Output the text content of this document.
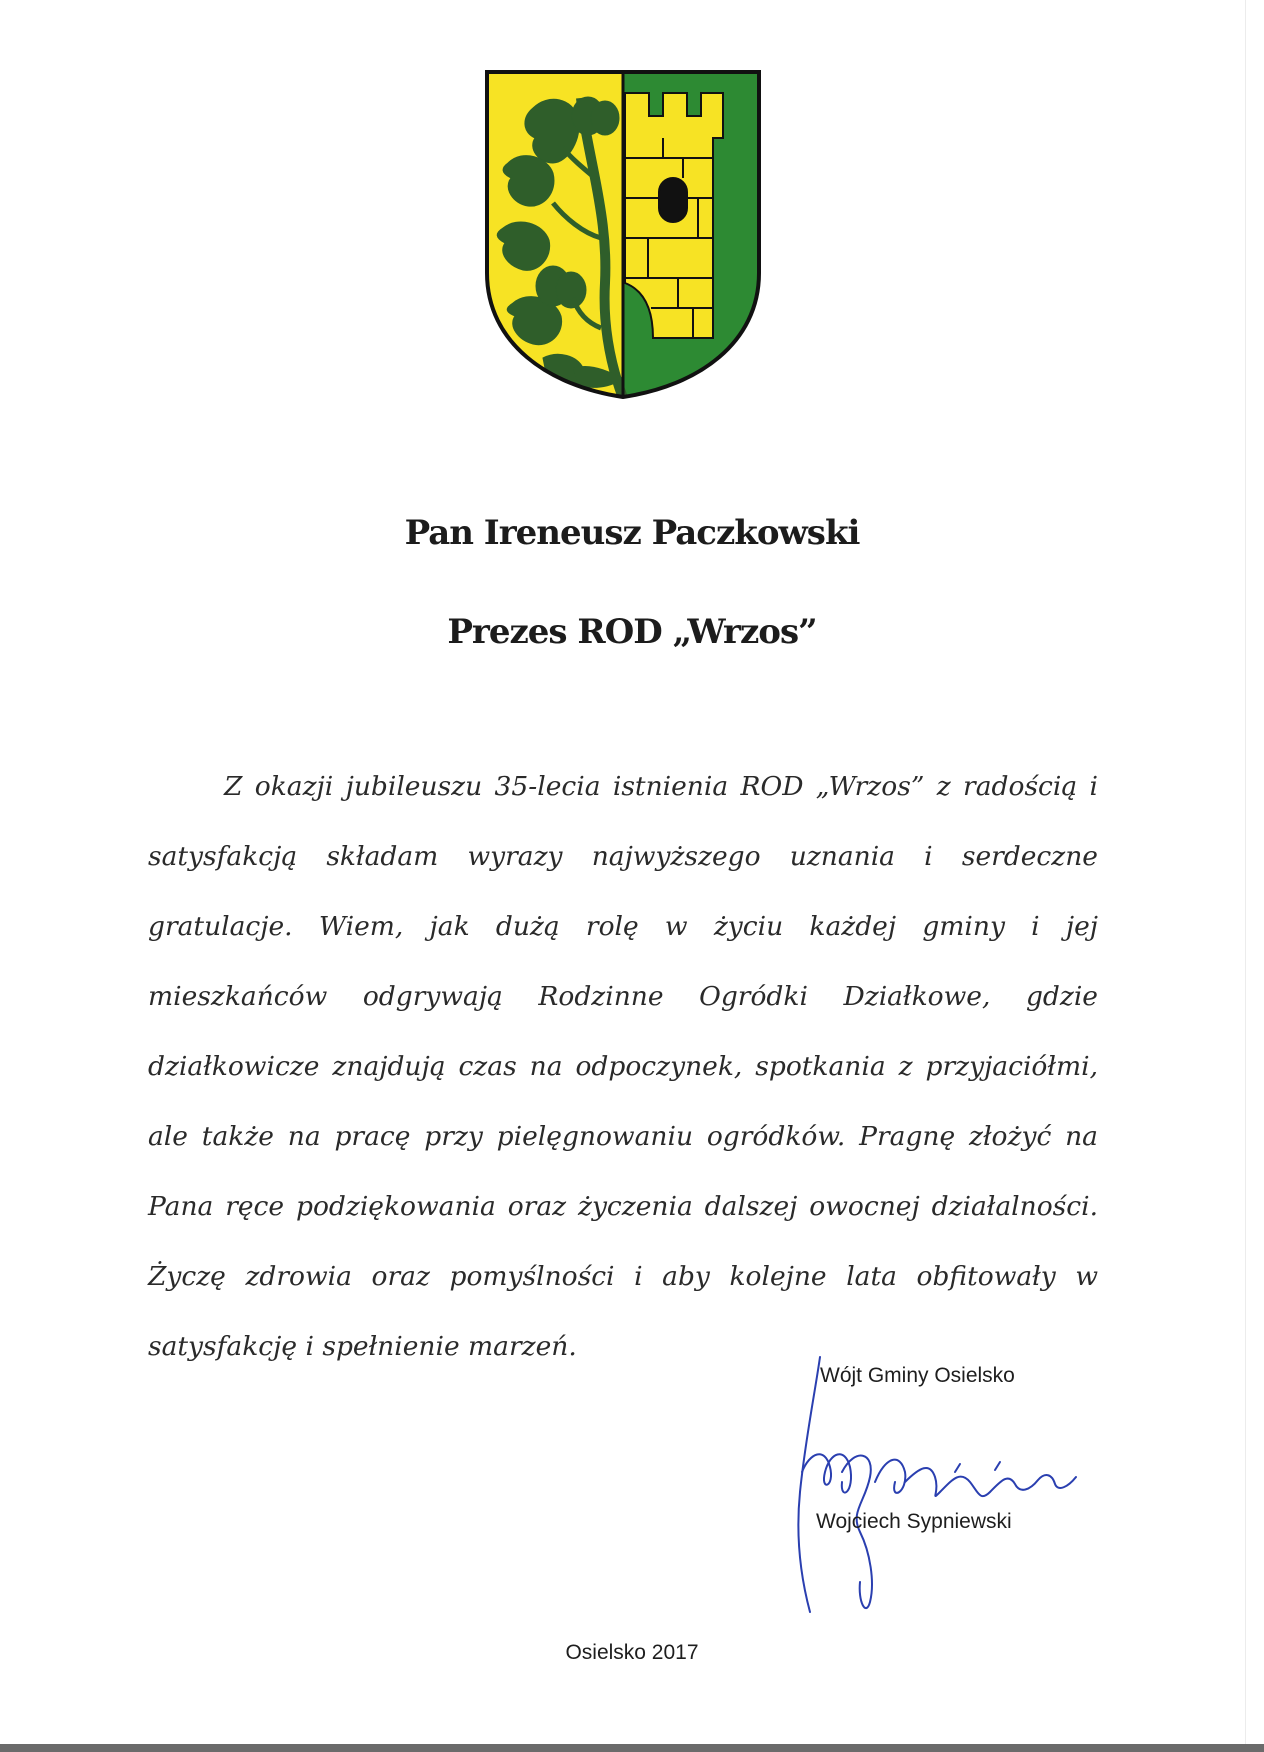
Pan Ireneusz Paczkowski
Prezes ROD „Wrzos”

Z okazji jubileuszu 35-lecia istnienia ROD „Wrzos” z radością i satysfakcją składam wyrazy najwyższego uznania i serdeczne gratulacje. Wiem, jak dużą rolę w życiu każdej gminy i jej mieszkańców odgrywają Rodzinne Ogródki Działkowe, gdzie działkowicze znajdują czas na odpoczynek, spotkania z przyjaciółmi, ale także na pracę przy pielęgnowaniu ogródków. Pragnę złożyć na Pana ręce podziękowania oraz życzenia dalszej owocnej działalności. Życzę zdrowia oraz pomyślności i aby kolejne lata obfitowały w satysfakcję i spełnienie marzeń.

Wójt Gminy Osielsko
Wojciech Sypniewski
Osielsko 2017
